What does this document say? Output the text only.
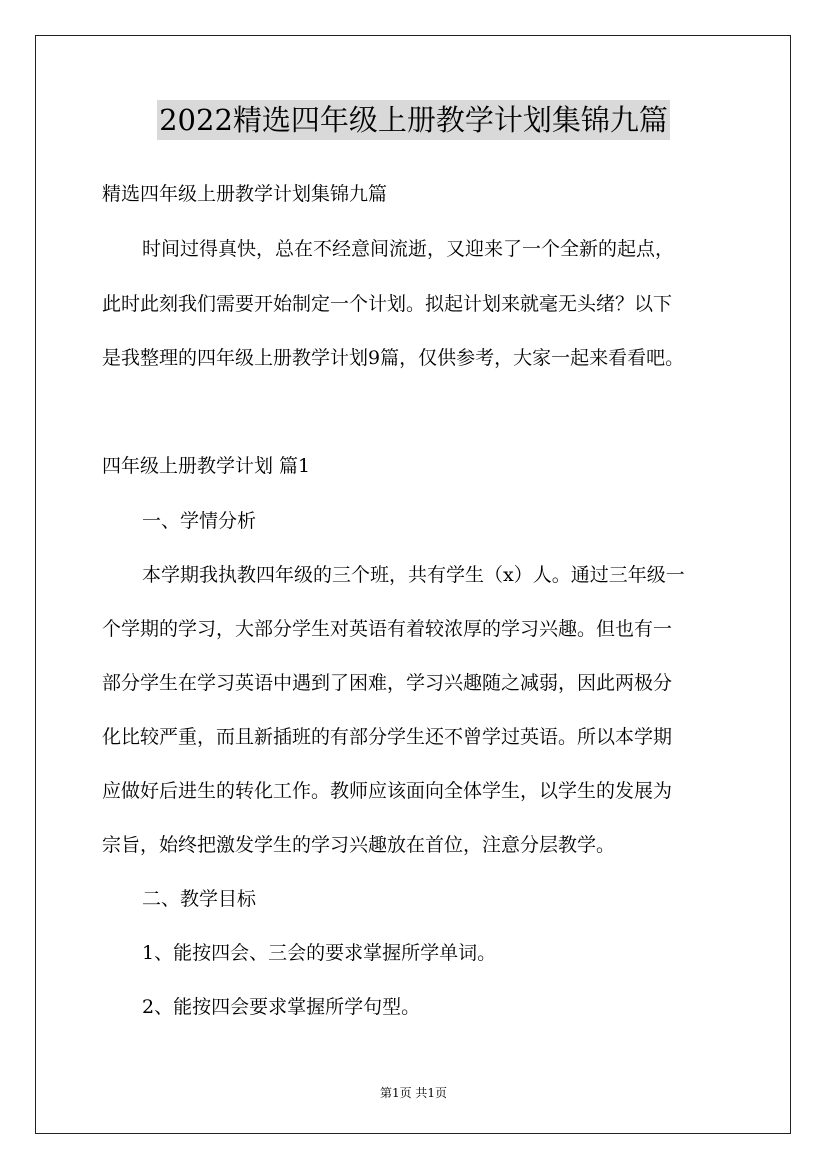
2022精选四年级上册教学计划集锦九篇
精选四年级上册教学计划集锦九篇
时间过得真快，总在不经意间流逝，又迎来了一个全新的起点，
此时此刻我们需要开始制定一个计划。拟起计划来就毫无头绪？以下
是我整理的四年级上册教学计划9篇，仅供参考，大家一起来看看吧。
四年级上册教学计划 篇1
一、学情分析
本学期我执教四年级的三个班，共有学生（x）人。通过三年级一
个学期的学习，大部分学生对英语有着较浓厚的学习兴趣。但也有一
部分学生在学习英语中遇到了困难，学习兴趣随之减弱，因此两极分
化比较严重，而且新插班的有部分学生还不曾学过英语。所以本学期
应做好后进生的转化工作。教师应该面向全体学生，以学生的发展为
宗旨，始终把激发学生的学习兴趣放在首位，注意分层教学。
二、教学目标
1、能按四会、三会的要求掌握所学单词。
2、能按四会要求掌握所学句型。
第1页 共1页
